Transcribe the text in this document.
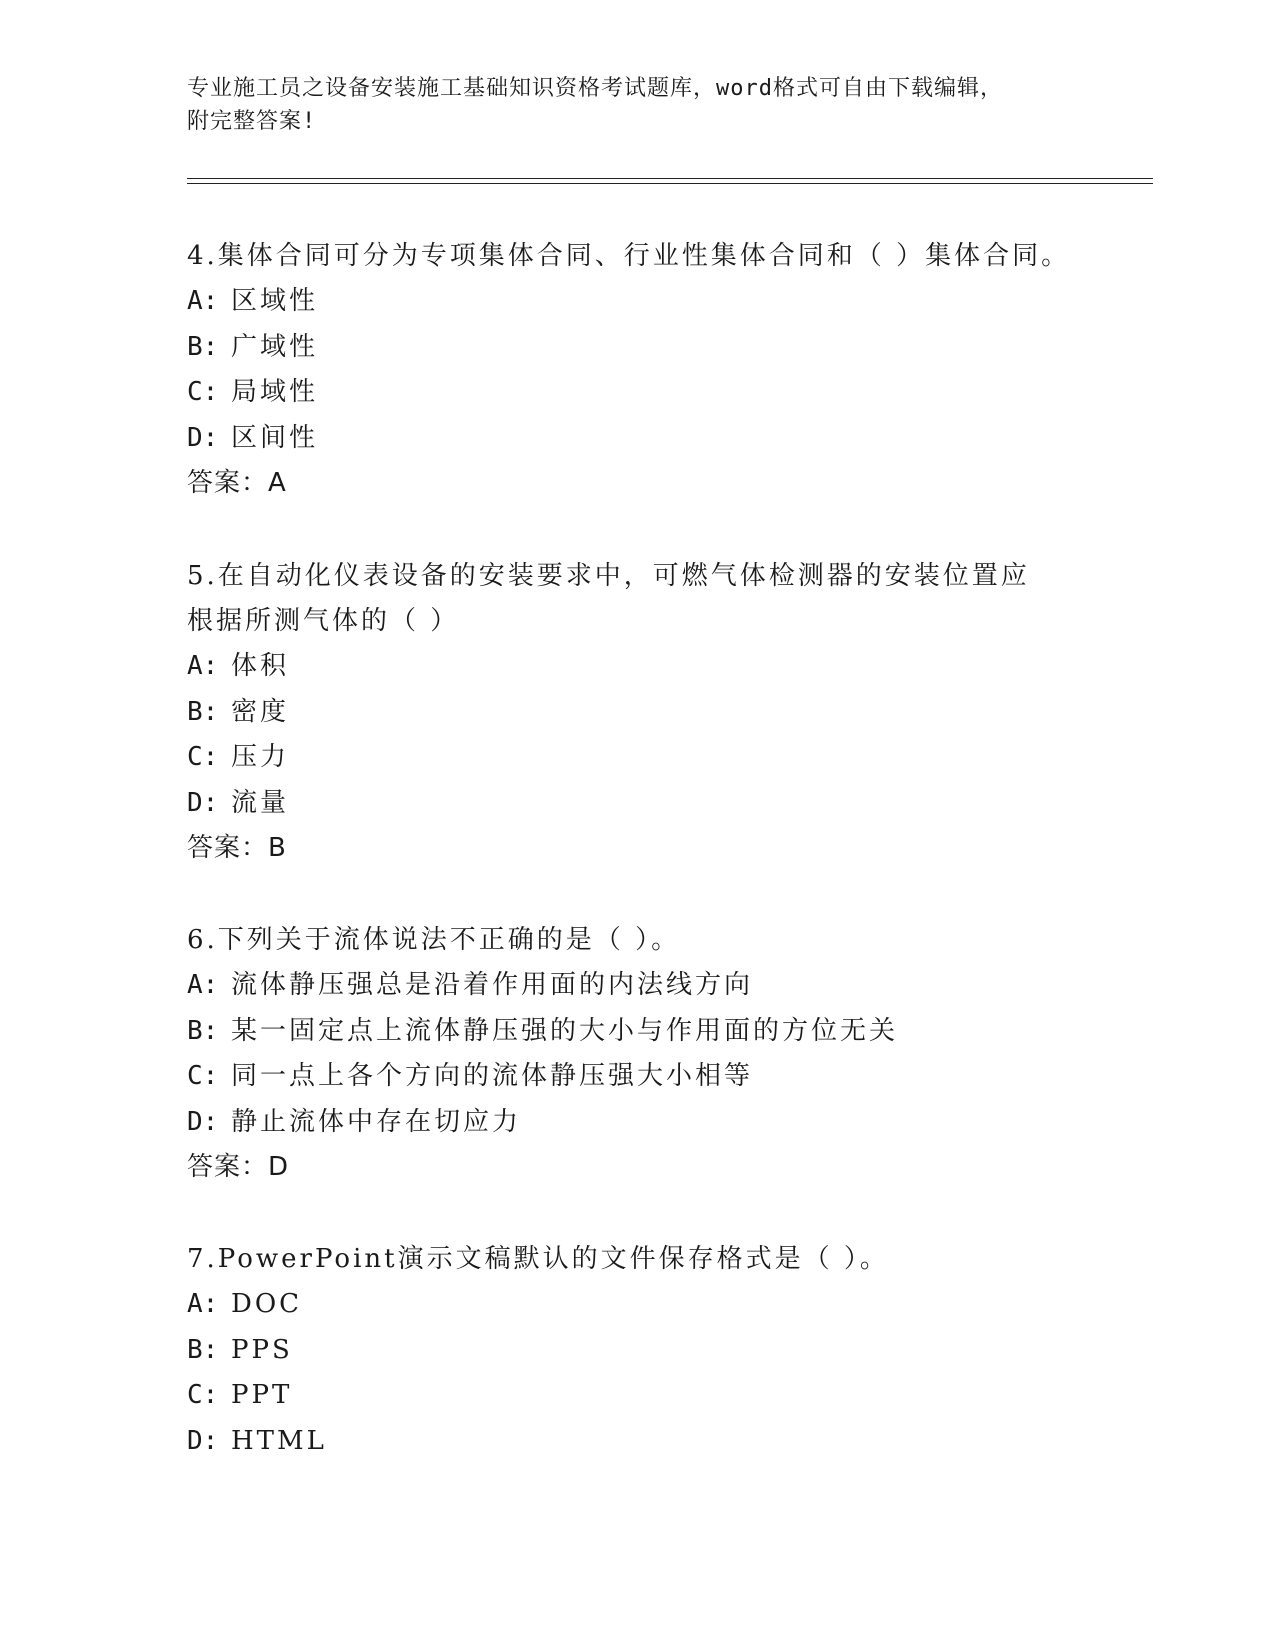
专业施工员之设备安装施工基础知识资格考试题库，word格式可自由下载编辑，
附完整答案!

4.集体合同可分为专项集体合同、行业性集体合同和（ ）集体合同。

A: 区域性
B: 广域性
C: 局域性
D: 区间性
答案：A

5.在自动化仪表设备的安装要求中，可燃气体检测器的安装位置应根据所测气体的（ ）

A: 体积
B: 密度
C: 压力
D: 流量
答案：B

6.下列关于流体说法不正确的是（ ）。

A: 流体静压强总是沿着作用面的内法线方向
B: 某一固定点上流体静压强的大小与作用面的方位无关
C: 同一点上各个方向的流体静压强大小相等
D: 静止流体中存在切应力
答案：D

7.PowerPoint演示文稿默认的文件保存格式是（ ）。

A: DOC
B: PPS
C: PPT
D: HTML
